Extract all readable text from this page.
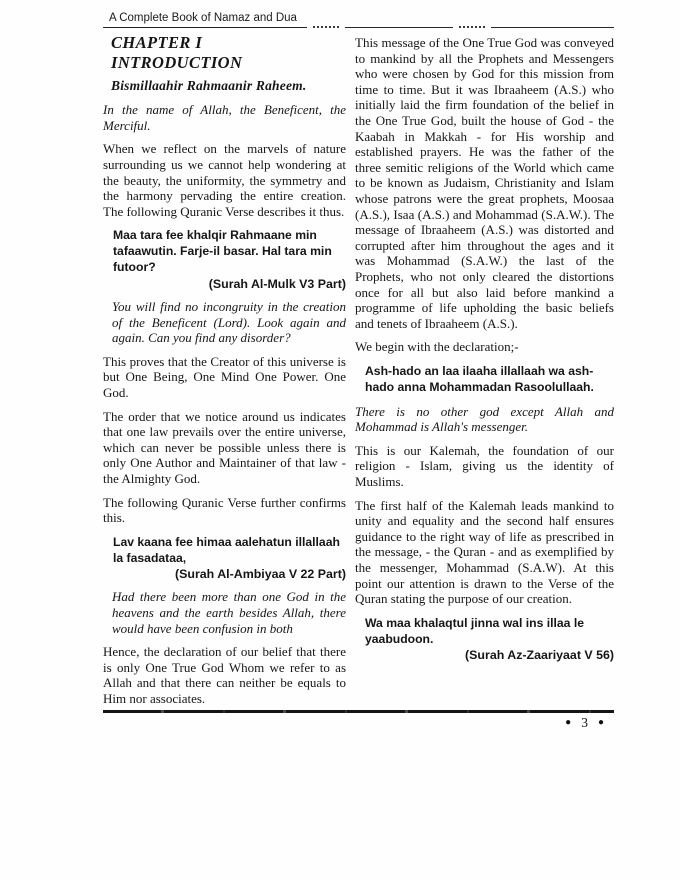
A Complete Book of Namaz and Dua
CHAPTER I
INTRODUCTION
Bismillaahir Rahmaanir Raheem.

In the name of Allah, the Beneficent, the Merciful.

When we reflect on the marvels of nature surrounding us we cannot help wondering at the beauty, the uniformity, the symmetry and the harmony pervading the entire creation. The following Quranic Verse describes it thus.

Maa tara fee khalqir Rahmaane min tafaawutin. Farje-il basar. Hal tara min futoor?

(Surah Al-Mulk V3 Part)

You will find no incongruity in the creation of the Beneficent (Lord). Look again and again. Can you find any disorder?

This proves that the Creator of this universe is but One Being, One Mind One Power. One God.

The order that we notice around us indicates that one law prevails over the entire universe, which can never be possible unless there is only One Author and Maintainer of that law - the Almighty God.

The following Quranic Verse further confirms this.

Lav kaana fee himaa aalehatun illallaah la fasadataa,

(Surah Al-Ambiyaa V 22 Part)

Had there been more than one God in the heavens and the earth besides Allah, there would have been confusion in both

Hence, the declaration of our belief that there is only One True God Whom we refer to as Allah and that there can neither be equals to Him nor associates.

This message of the One True God was conveyed to mankind by all the Prophets and Messengers who were chosen by God for this mission from time to time. But it was Ibraaheem (A.S.) who initially laid the firm foundation of the belief in the One True God, built the house of God - the Kaabah in Makkah - for His worship and established prayers. He was the father of the three semitic religions of the World which came to be known as Judaism, Christianity and Islam whose patrons were the great prophets, Moosaa (A.S.), Isaa (A.S.) and Mohammad (S.A.W.). The message of Ibraaheem (A.S.) was distorted and corrupted after him throughout the ages and it was Mohammad (S.A.W.) the last of the Prophets, who not only cleared the distortions once for all but also laid before mankind a programme of life upholding the basic beliefs and tenets of Ibraaheem (A.S.).

We begin with the declaration;-

Ash-hado an laa ilaaha illallaah wa ash-hado anna Mohammadan Rasoolullaah.

There is no other god except Allah and Mohammad is Allah's messenger.

This is our Kalemah, the foundation of our religion - Islam, giving us the identity of Muslims.

The first half of the Kalemah leads mankind to unity and equality and the second half ensures guidance to the right way of life as prescribed in the message, - the Quran - and as exemplified by the messenger, Mohammad (S.A.W). At this point our attention is drawn to the Verse of the Quran stating the purpose of our creation.

Wa maa khalaqtul jinna wal ins illaa le yaabudoon.

(Surah Az-Zaariyaat V 56)

● 3 ●
